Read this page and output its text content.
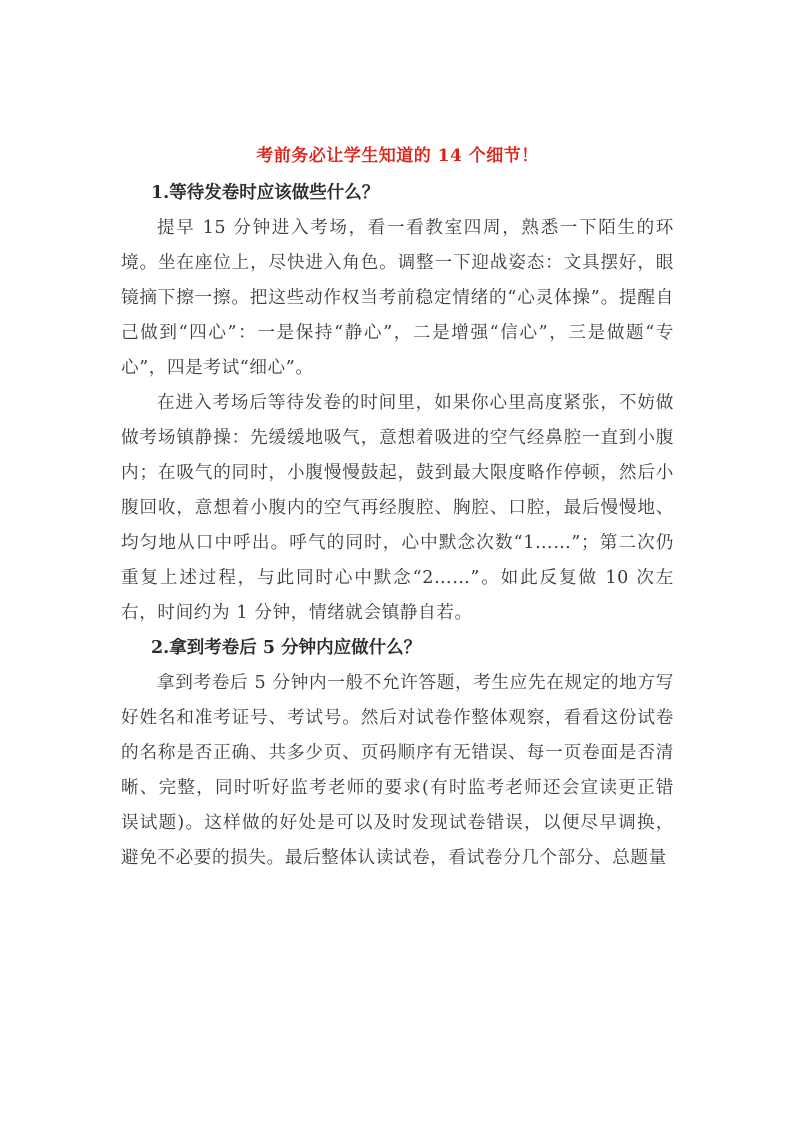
考前务必让学生知道的 14 个细节！

1.等待发卷时应该做些什么？

提早 15 分钟进入考场，看一看教室四周，熟悉一下陌生的环境。坐在座位上，尽快进入角色。调整一下迎战姿态：文具摆好，眼镜摘下擦一擦。把这些动作权当考前稳定情绪的“心灵体操”。提醒自己做到“四心”：一是保持“静心”，二是增强“信心”，三是做题“专心”，四是考试“细心”。

在进入考场后等待发卷的时间里，如果你心里高度紧张，不妨做做考场镇静操：先缓缓地吸气，意想着吸进的空气经鼻腔一直到小腹内；在吸气的同时，小腹慢慢鼓起，鼓到最大限度略作停顿，然后小腹回收，意想着小腹内的空气再经腹腔、胸腔、口腔，最后慢慢地、均匀地从口中呼出。呼气的同时，心中默念次数“1……”；第二次仍重复上述过程，与此同时心中默念“2……”。如此反复做 10 次左右，时间约为 1 分钟，情绪就会镇静自若。

2.拿到考卷后 5 分钟内应做什么？

拿到考卷后 5 分钟内一般不允许答题，考生应先在规定的地方写好姓名和准考证号、考试号。然后对试卷作整体观察，看看这份试卷的名称是否正确、共多少页、页码顺序有无错误、每一页卷面是否清晰、完整，同时听好监考老师的要求(有时监考老师还会宣读更正错误试题)。这样做的好处是可以及时发现试卷错误，以便尽早调换，避免不必要的损失。最后整体认读试卷，看试卷分几个部分、总题量
